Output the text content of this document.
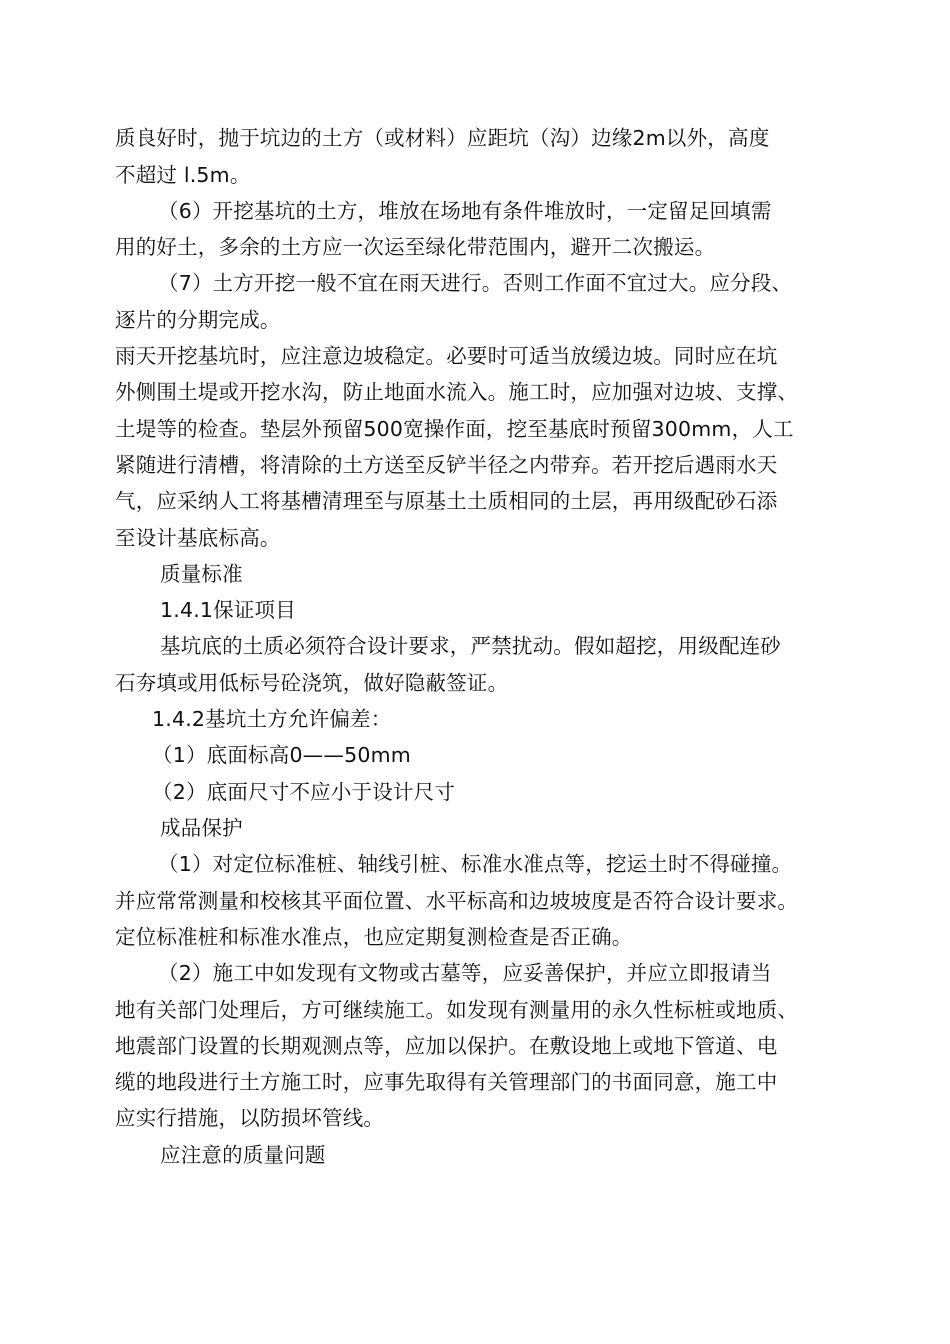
质良好时，抛于坑边的土方（或材料）应距坑（沟）边缘2m以外，高度
不超过 l.5m。
（6）开挖基坑的土方，堆放在场地有条件堆放时，一定留足回填需
用的好土，多余的土方应一次运至绿化带范围内，避开二次搬运。
（7）土方开挖一般不宜在雨天进行。否则工作面不宜过大。应分段、
逐片的分期完成。
雨天开挖基坑时，应注意边坡稳定。必要时可适当放缓边坡。同时应在坑
外侧围土堤或开挖水沟，防止地面水流入。施工时，应加强对边坡、支撑、
土堤等的检查。垫层外预留500宽操作面，挖至基底时预留300mm，人工
紧随进行清槽，将清除的土方送至反铲半径之内带弃。若开挖后遇雨水天
气，应采纳人工将基槽清理至与原基土土质相同的土层，再用级配砂石添
至设计基底标高。
质量标准
1.4.1保证项目
基坑底的土质必须符合设计要求，严禁扰动。假如超挖，用级配连砂
石夯填或用低标号砼浇筑，做好隐蔽签证。
1.4.2基坑土方允许偏差：
（1）底面标高0——50mm
（2）底面尺寸不应小于设计尺寸
成品保护
（1）对定位标准桩、轴线引桩、标准水准点等，挖运土时不得碰撞。
并应常常测量和校核其平面位置、水平标高和边坡坡度是否符合设计要求。
定位标准桩和标准水准点，也应定期复测检查是否正确。
（2）施工中如发现有文物或古墓等，应妥善保护，并应立即报请当
地有关部门处理后，方可继续施工。如发现有测量用的永久性标桩或地质、
地震部门设置的长期观测点等，应加以保护。在敷设地上或地下管道、电
缆的地段进行土方施工时，应事先取得有关管理部门的书面同意，施工中
应实行措施，以防损坏管线。
应注意的质量问题
